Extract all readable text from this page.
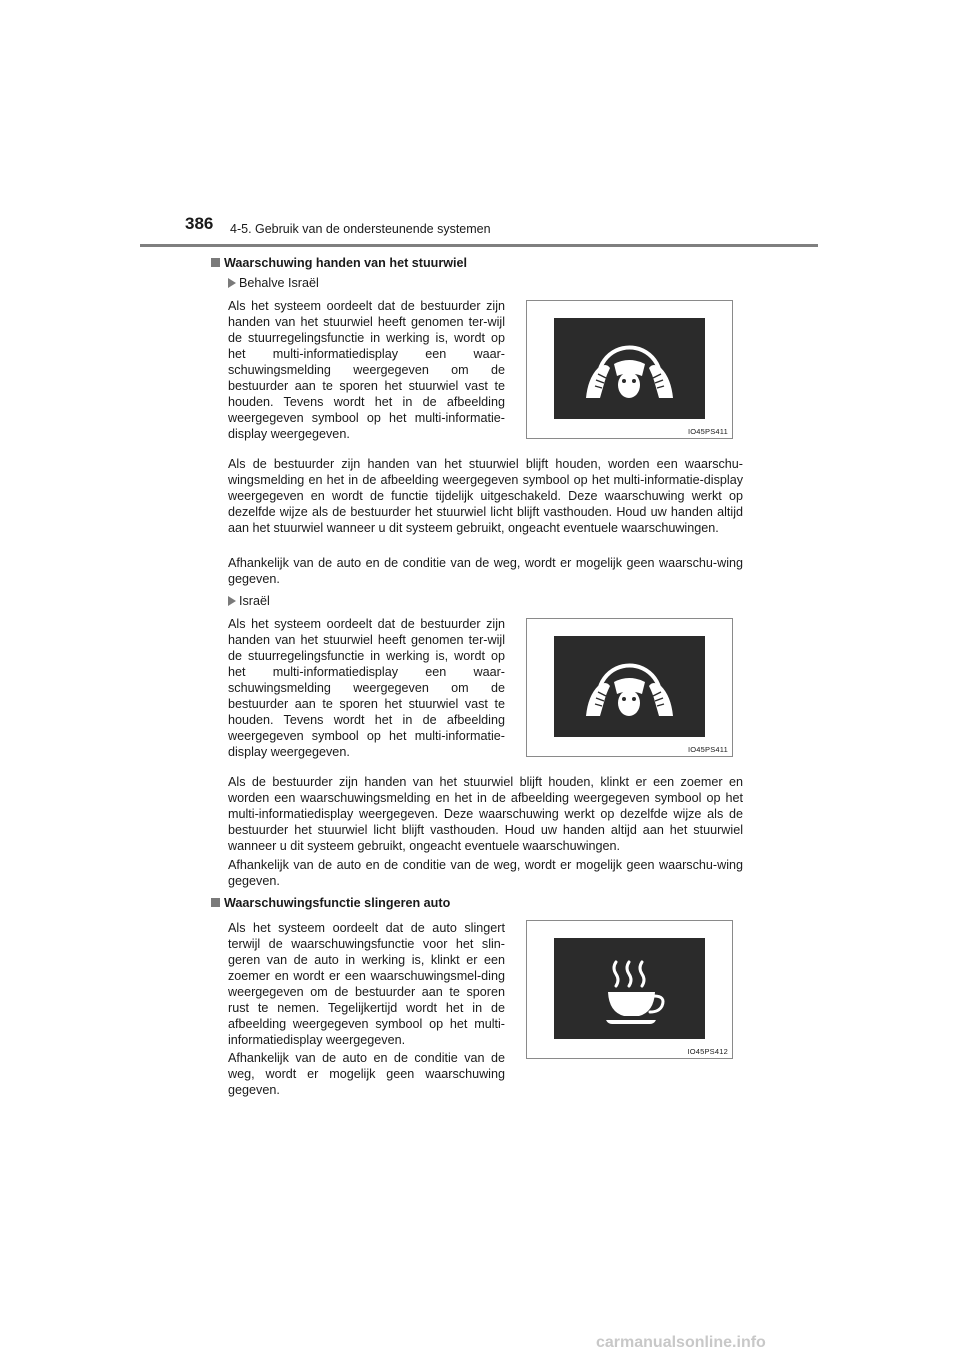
386 4-5. Gebruik van de ondersteunende systemen
Waarschuwing handen van het stuurwiel
Behalve Israël
Als het systeem oordeelt dat de bestuurder zijn handen van het stuurwiel heeft genomen ter-wijl de stuurregelingsfunctie in werking is, wordt op het multi-informatiedisplay een waar-schuwingsmelding weergegeven om de bestuurder aan te sporen het stuurwiel vast te houden. Tevens wordt het in de afbeelding weergegeven symbool op het multi-informatie-display weergegeven.	IO45PS411
Als de bestuurder zijn handen van het stuurwiel blijft houden, worden een waarschu-wingsmelding en het in de afbeelding weergegeven symbool op het multi-informatie-display weergegeven en wordt de functie tijdelijk uitgeschakeld. Deze waarschuwing werkt op dezelfde wijze als de bestuurder het stuurwiel licht blijft vasthouden. Houd uw handen altijd aan het stuurwiel wanneer u dit systeem gebruikt, ongeacht eventuele waarschuwingen.
Afhankelijk van de auto en de conditie van de weg, wordt er mogelijk geen waarschu-wing gegeven.
Israël
Als het systeem oordeelt dat de bestuurder zijn handen van het stuurwiel heeft genomen ter-wijl de stuurregelingsfunctie in werking is, wordt op het multi-informatiedisplay een waar-schuwingsmelding weergegeven om de bestuurder aan te sporen het stuurwiel vast te houden. Tevens wordt het in de afbeelding weergegeven symbool op het multi-informatie-display weergegeven.	IO45PS411
Als de bestuurder zijn handen van het stuurwiel blijft houden, klinkt er een zoemer en worden een waarschuwingsmelding en het in de afbeelding weergegeven symbool op het multi-informatiedisplay weergegeven. Deze waarschuwing werkt op dezelfde wijze als de bestuurder het stuurwiel licht blijft vasthouden. Houd uw handen altijd aan het stuurwiel wanneer u dit systeem gebruikt, ongeacht eventuele waarschuwingen.
Afhankelijk van de auto en de conditie van de weg, wordt er mogelijk geen waarschu-wing gegeven.
Waarschuwingsfunctie slingeren auto
Als het systeem oordeelt dat de auto slingert terwijl de waarschuwingsfunctie voor het slin-geren van de auto in werking is, klinkt er een zoemer en wordt er een waarschuwingsmel-ding weergegeven om de bestuurder aan te sporen rust te nemen. Tegelijkertijd wordt het in de afbeelding weergegeven symbool op het multi-informatiedisplay weergegeven.
Afhankelijk van de auto en de conditie van de weg, wordt er mogelijk geen waarschuwing gegeven.
IO45PS412
carmanualsonline.info
